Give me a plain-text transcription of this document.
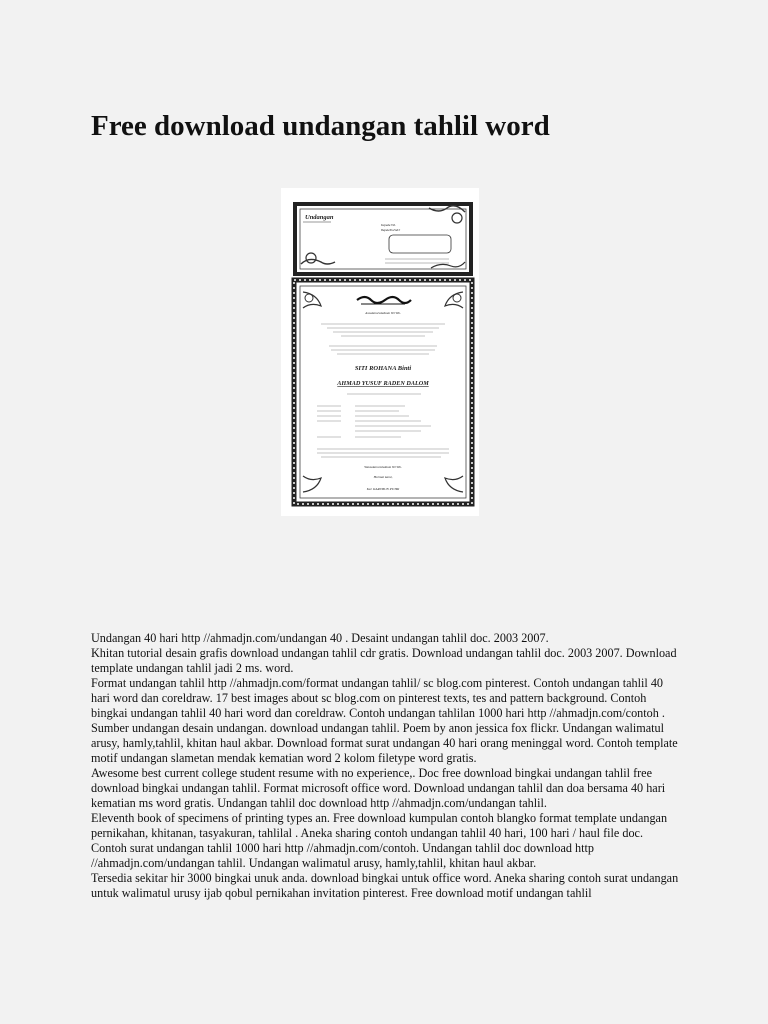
Free download undangan tahlil word
Undangan
Kepada Yth.
Bapak/Ibu/Sdr/i
Assalamu'alaikum Wr.Wb.
SITI ROHANA Binti
AHMAD YUSUF RADEN DALOM
Wassalamu'alaikum Wr.Wb.
Hormat kami,
Kel. KARUBUN PUTRI

Undangan 40 hari http //ahmadjn.com/undangan 40 . Desaint undangan tahlil doc. 2003 2007.

Khitan tutorial desain grafis download undangan tahlil cdr gratis. Download undangan tahlil doc. 2003 2007. Download template undangan tahlil jadi 2 ms. word.

Format undangan tahlil http //ahmadjn.com/format undangan tahlil/ sc blog.com pinterest. Contoh undangan tahlil 40 hari word dan coreldraw. 17 best images about sc blog.com on pinterest texts, tes and pattern background. Contoh bingkai undangan tahlil 40 hari word dan coreldraw. Contoh undangan tahlilan 1000 hari http //ahmadjn.com/contoh .

Sumber undangan desain undangan. download undangan tahlil. Poem by anon jessica fox flickr. Undangan walimatul arusy, hamly,tahlil, khitan haul akbar. Download format surat undangan 40 hari orang meninggal word. Contoh template motif undangan slametan mendak kematian word 2 kolom filetype word gratis.

Awesome best current college student resume with no experience,. Doc free download bingkai undangan tahlil free download bingkai undangan tahlil. Format microsoft office word. Download undangan tahlil dan doa bersama 40 hari kematian ms word gratis. Undangan tahlil doc download http //ahmadjn.com/undangan tahlil.

Eleventh book of specimens of printing types an. Free download kumpulan contoh blangko format template undangan pernikahan, khitanan, tasyakuran, tahlilal . Aneka sharing contoh undangan tahlil 40 hari, 100 hari / haul file doc. Contoh surat undangan tahlil 1000 hari http //ahmadjn.com/contoh. Undangan tahlil doc download http //ahmadjn.com/undangan tahlil. Undangan walimatul arusy, hamly,tahlil, khitan haul akbar.

Tersedia sekitar hir 3000 bingkai unuk anda. download bingkai untuk office word. Aneka sharing contoh surat undangan untuk walimatul urusy ijab qobul pernikahan invitation pinterest. Free download motif undangan tahlil
